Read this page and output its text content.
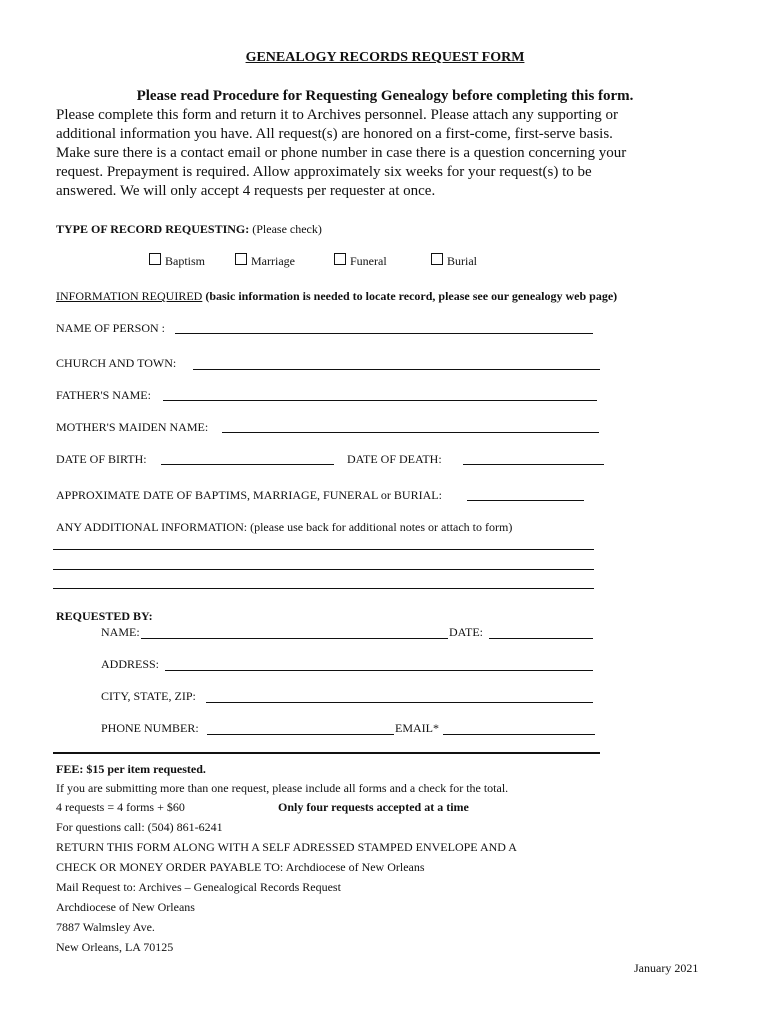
GENEALOGY RECORDS REQUEST FORM
Please read Procedure for Requesting Genealogy before completing this form.
Please complete this form and return it to Archives personnel. Please attach any supporting or
additional information you have. All request(s) are honored on a first-come, first-serve basis.
Make sure there is a contact email or phone number in case there is a question concerning your
request. Prepayment is required. Allow approximately six weeks for your request(s) to be
answered. We will only accept 4 requests per requester at once.
TYPE OF RECORD REQUESTING: (Please check)
Baptism	Marriage	Funeral	Burial
INFORMATION REQUIRED (basic information is needed to locate record, please see our genealogy web page)
NAME OF PERSON :
CHURCH AND TOWN:
FATHER'S NAME:
MOTHER'S MAIDEN NAME:
DATE OF BIRTH:	DATE OF DEATH:
APPROXIMATE DATE OF BAPTIMS, MARRIAGE, FUNERAL or BURIAL:
ANY ADDITIONAL INFORMATION: (please use back for additional notes or attach to form)
REQUESTED BY:
NAME:	DATE:
ADDRESS:
CITY, STATE, ZIP:
PHONE NUMBER:	EMAIL*
FEE: $15 per item requested.
If you are submitting more than one request, please include all forms and a check for the total.
4 requests = 4 forms + $60	Only four requests accepted at a time
For questions call: (504) 861-6241
RETURN THIS FORM ALONG WITH A SELF ADRESSED STAMPED ENVELOPE AND A
CHECK OR MONEY ORDER PAYABLE TO: Archdiocese of New Orleans
Mail Request to: Archives – Genealogical Records Request
Archdiocese of New Orleans
7887 Walmsley Ave.
New Orleans, LA 70125
January 2021
